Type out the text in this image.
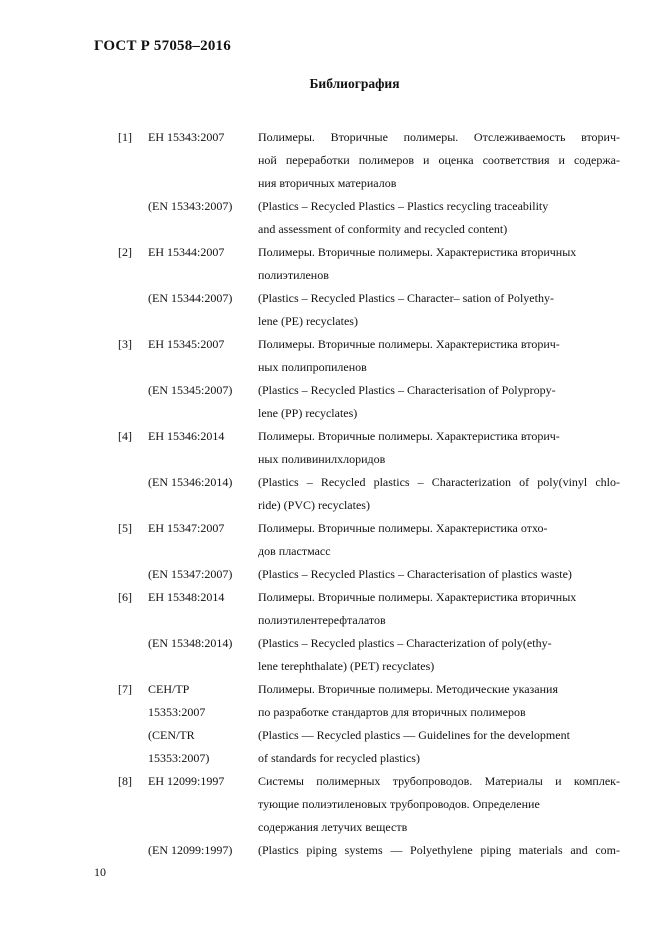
ГОСТ Р 57058–2016
Библиография
[1] ЕН 15343:2007	Полимеры. Вторичные полимеры. Отслеживаемость вторич-
ной переработки полимеров и оценка соответствия и содержа-
ния вторичных материалов
(EN 15343:2007)	(Plastics – Recycled Plastics – Plastics recycling traceability
and assessment of conformity and recycled content)
[2] ЕН 15344:2007	Полимеры. Вторичные полимеры. Характеристика вторичных
полиэтиленов
(EN 15344:2007)	(Plastics – Recycled Plastics – Character– sation of Polyethy-
lene (PE) recyclates)
[3] ЕН 15345:2007	Полимеры. Вторичные полимеры. Характеристика вторич-
ных полипропиленов
(EN 15345:2007)	(Plastics – Recycled Plastics – Characterisation of Polypropy-
lene (PP) recyclates)
[4] ЕН 15346:2014	Полимеры. Вторичные полимеры. Характеристика вторич-
ных поливинилхлоридов
(EN 15346:2014)	(Plastics – Recycled plastics – Characterization of poly(vinyl chlo-
ride) (PVC) recyclates)
[5] ЕН 15347:2007	Полимеры. Вторичные полимеры. Характеристика отхо-
дов пластмасс
(EN 15347:2007)	(Plastics – Recycled Plastics – Characterisation of plastics waste)
[6] ЕН 15348:2014	Полимеры. Вторичные полимеры. Характеристика вторичных
полиэтилентерефталатов
(EN 15348:2014)	(Plastics – Recycled plastics – Characterization of poly(ethy-
lene terephthalate) (PET) recyclates)
[7] СЕН/ТР	Полимеры. Вторичные полимеры. Методические указания
15353:2007	по разработке стандартов для вторичных полимеров
(CEN/TR	(Plastics — Recycled plastics — Guidelines for the development
15353:2007)	of standards for recycled plastics)
[8] ЕН 12099:1997	Системы полимерных трубопроводов. Материалы и комплек-
тующие полиэтиленовых трубопроводов. Определение
содержания летучих веществ
(EN 12099:1997)	(Plastics piping systems — Polyethylene piping materials and com-
10
